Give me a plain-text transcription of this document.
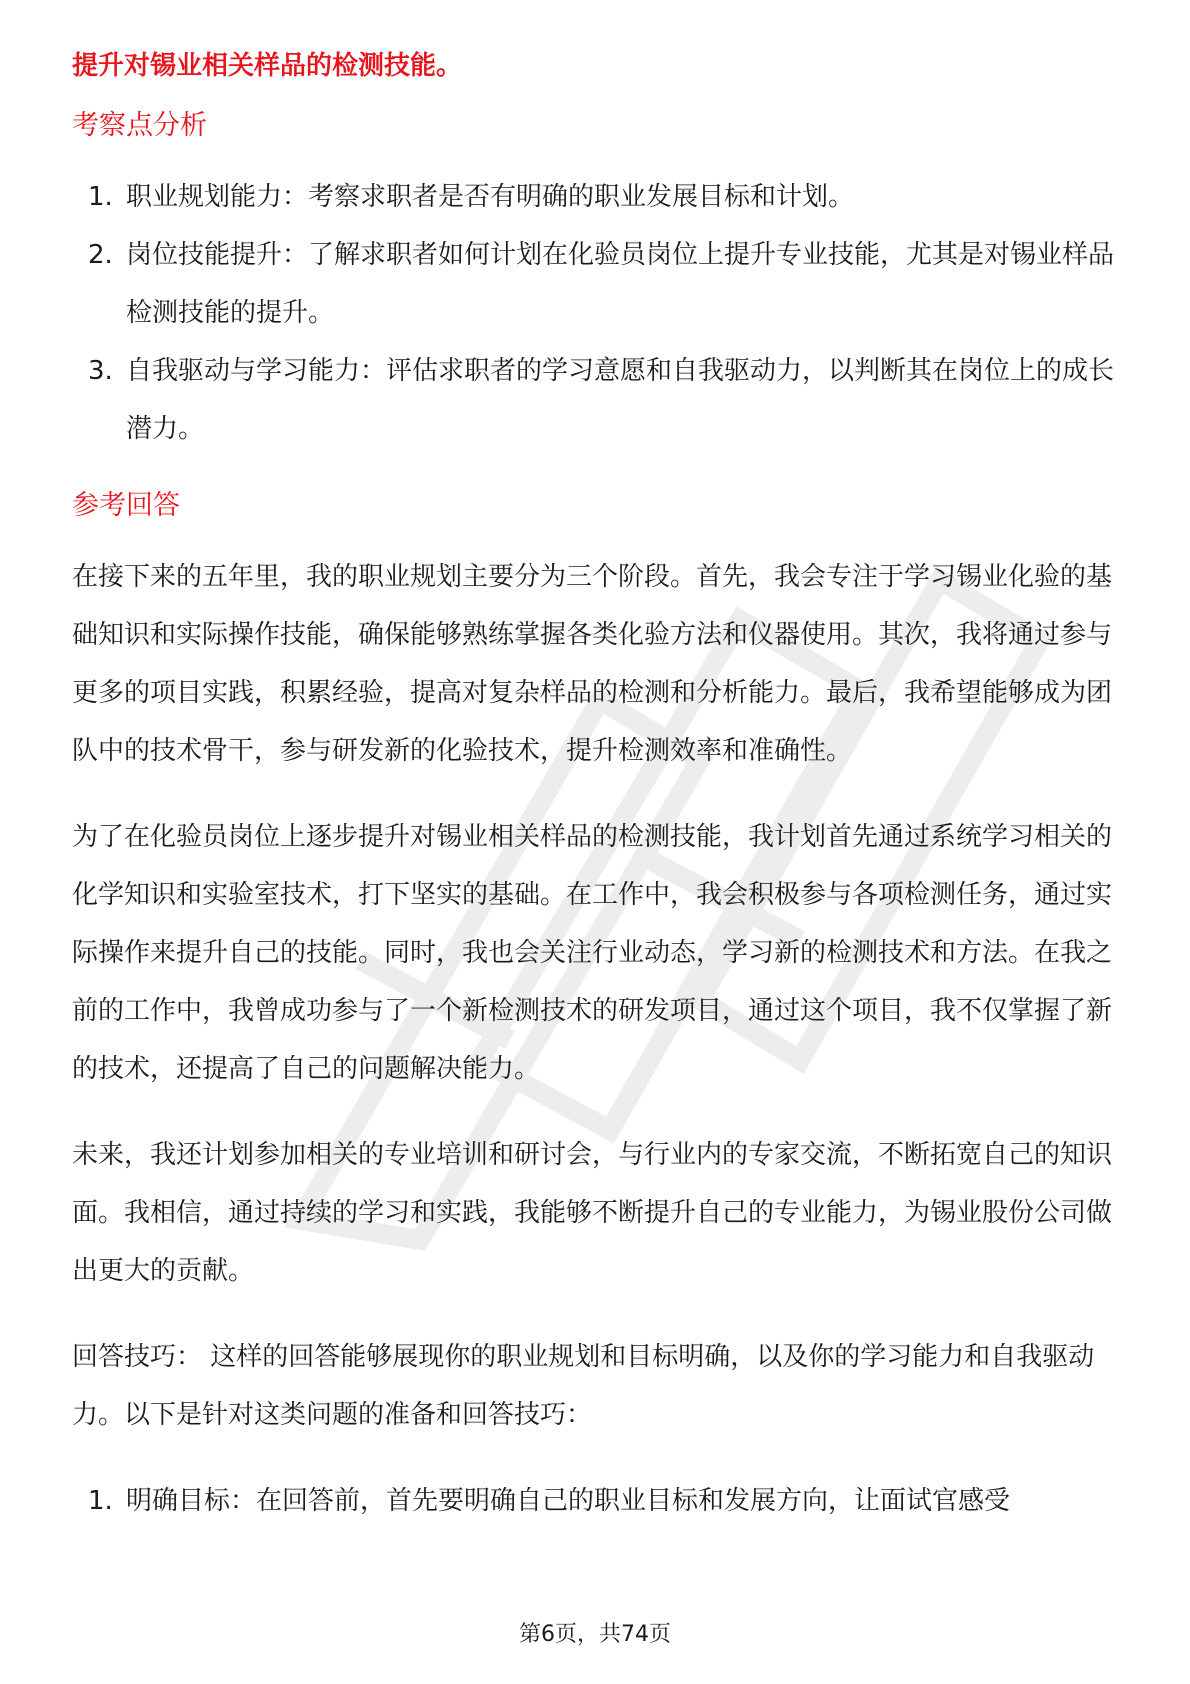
提升对锡业相关样品的检测技能。

考察点分析
1. 职业规划能力：考察求职者是否有明确的职业发展目标和计划。
2. 岗位技能提升：了解求职者如何计划在化验员岗位上提升专业技能，尤其是对锡业样品检测技能的提升。
3. 自我驱动与学习能力：评估求职者的学习意愿和自我驱动力，以判断其在岗位上的成长潜力。
参考回答

在接下来的五年里，我的职业规划主要分为三个阶段。首先，我会专注于学习锡业化验的基础知识和实际操作技能，确保能够熟练掌握各类化验方法和仪器使用。其次，我将通过参与更多的项目实践，积累经验，提高对复杂样品的检测和分析能力。最后，我希望能够成为团队中的技术骨干，参与研发新的化验技术，提升检测效率和准确性。

为了在化验员岗位上逐步提升对锡业相关样品的检测技能，我计划首先通过系统学习相关的化学知识和实验室技术，打下坚实的基础。在工作中，我会积极参与各项检测任务，通过实际操作来提升自己的技能。同时，我也会关注行业动态，学习新的检测技术和方法。在我之前的工作中，我曾成功参与了一个新检测技术的研发项目，通过这个项目，我不仅掌握了新的技术，还提高了自己的问题解决能力。

未来，我还计划参加相关的专业培训和研讨会，与行业内的专家交流，不断拓宽自己的知识面。我相信，通过持续的学习和实践，我能够不断提升自己的专业能力，为锡业股份公司做出更大的贡献。

回答技巧： 这样的回答能够展现你的职业规划和目标明确，以及你的学习能力和自我驱动力。以下是针对这类问题的准备和回答技巧：

1. 明确目标：在回答前，首先要明确自己的职业目标和发展方向，让面试官感受
第6页，共74页
